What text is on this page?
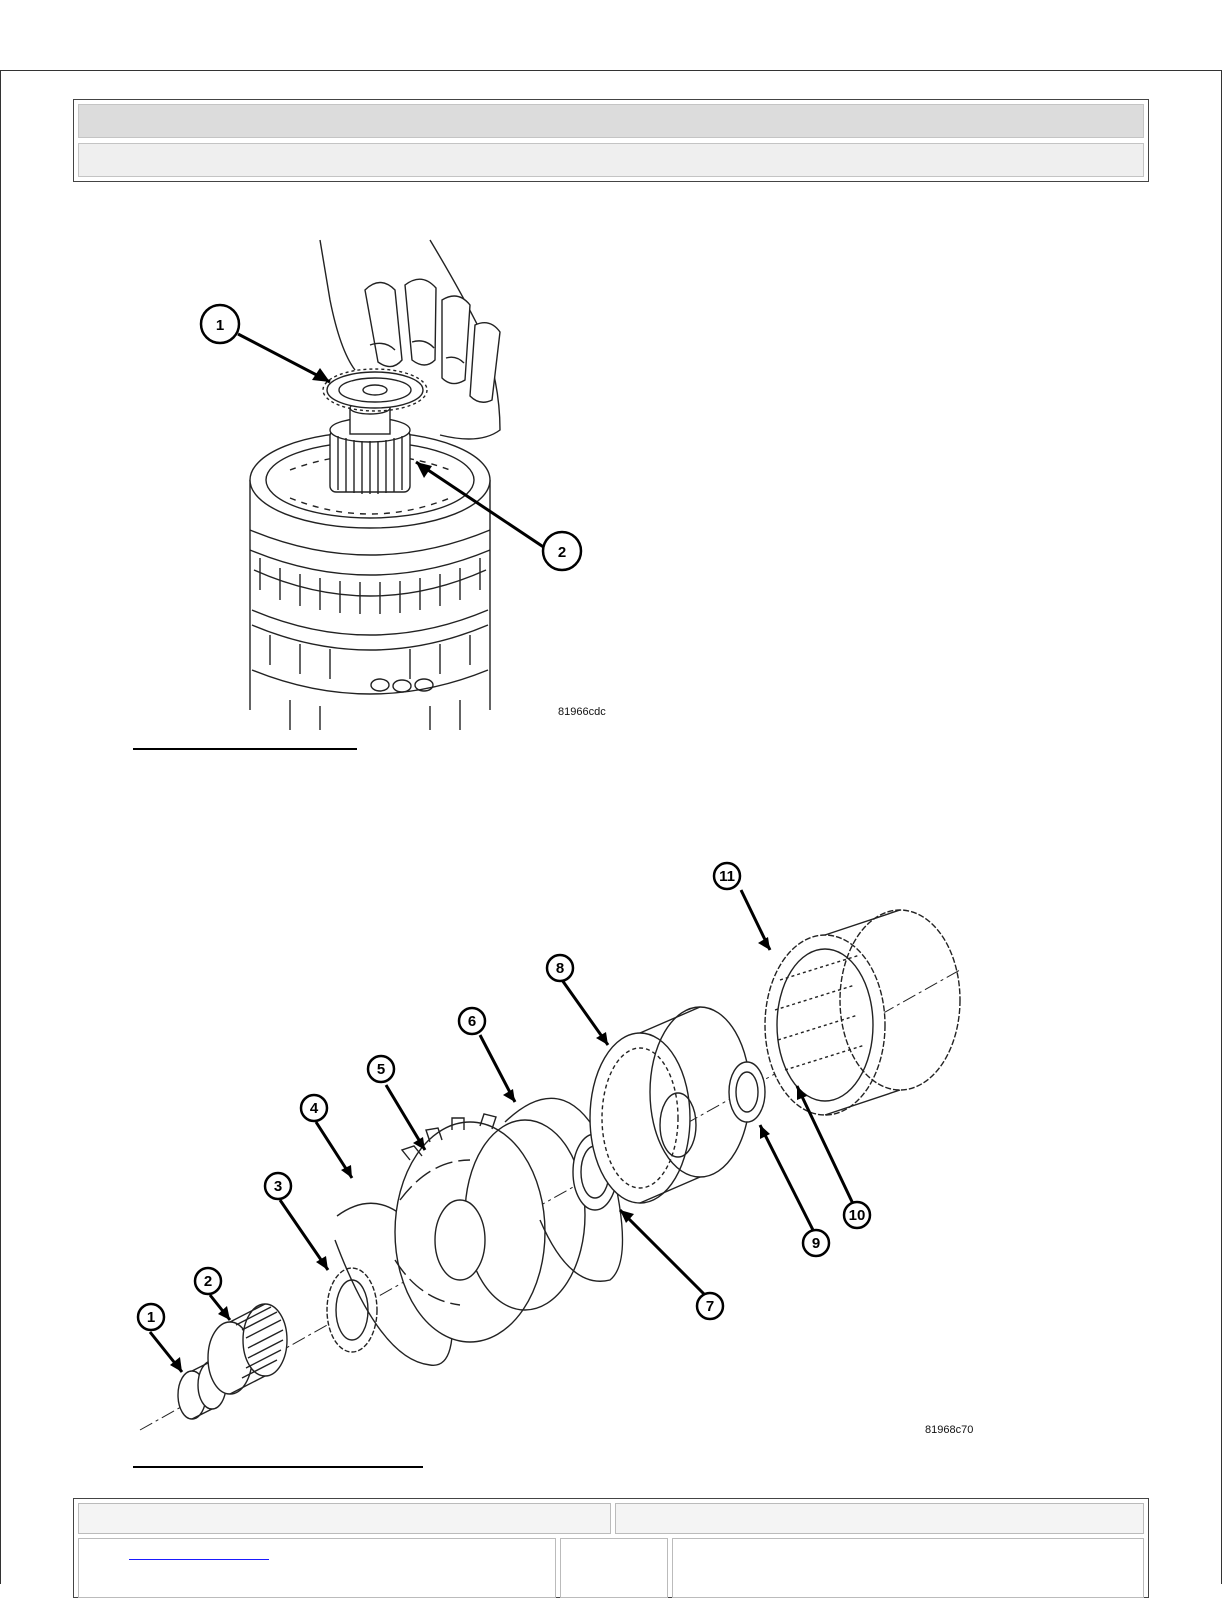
1
2
81966cdc
1
2
3
4
5
6
7
8
9
10
11
81968c70
